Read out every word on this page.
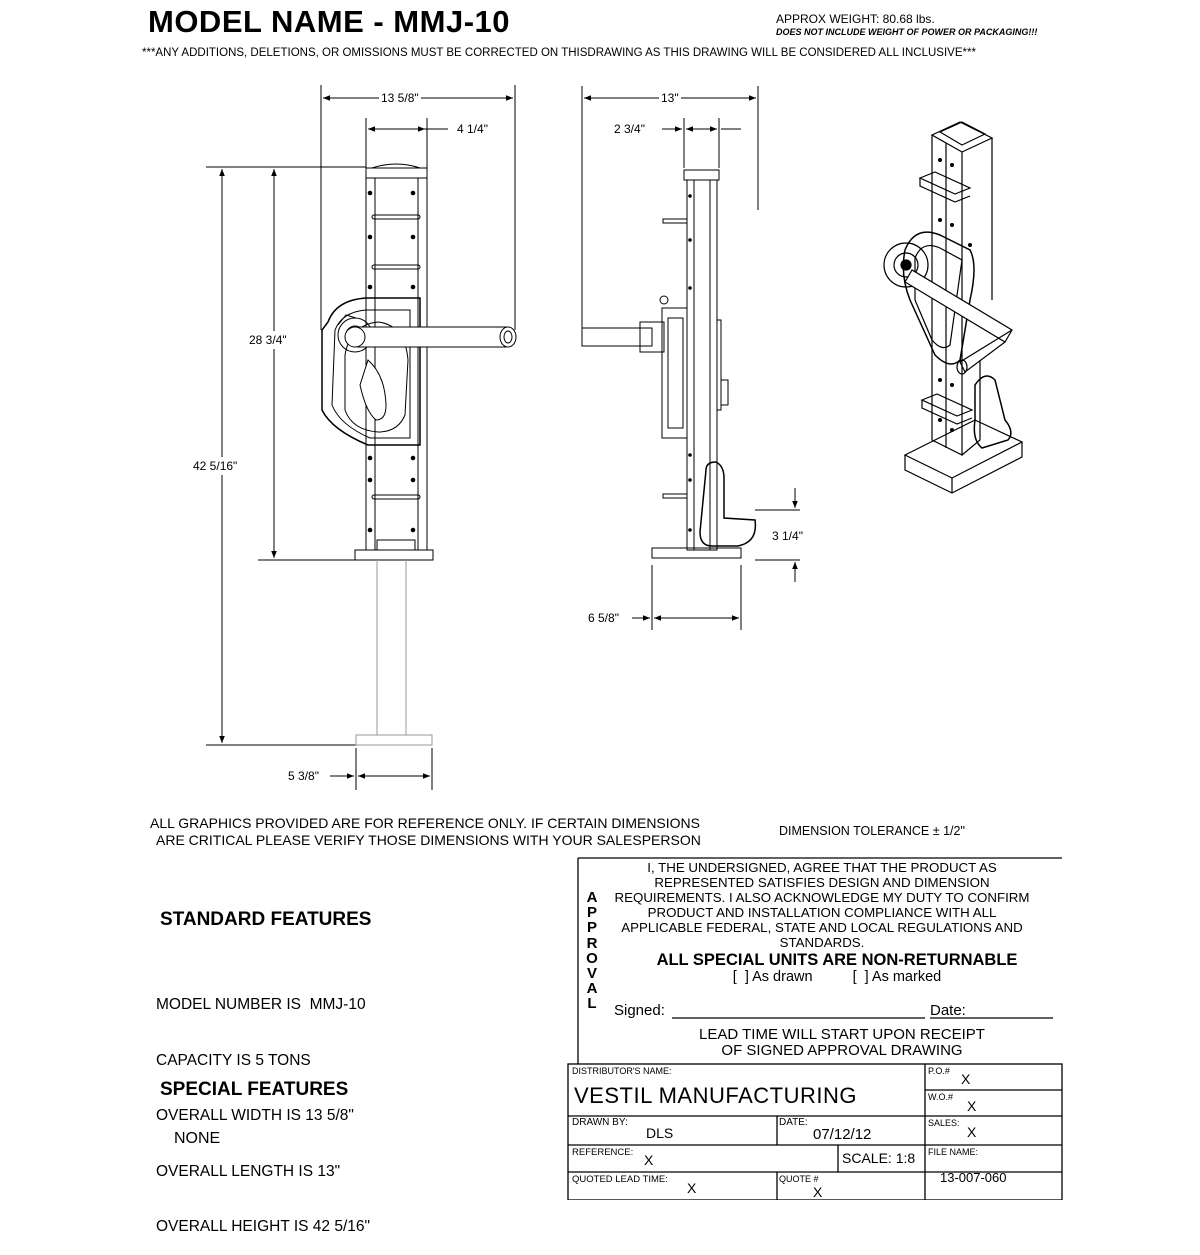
MODEL NAME - MMJ-10	APPROX WEIGHT: 80.68 lbs.
DOES NOT INCLUDE WEIGHT OF POWER OR PACKAGING!!!
***ANY ADDITIONS, DELETIONS, OR OMISSIONS MUST BE CORRECTED ON THISDRAWING AS THIS DRAWING WILL BE CONSIDERED ALL INCLUSIVE***
13 5/8"
4 1/4"
28 3/4"
42 5/16"
5 3/8"
13"
2 3/4"
3 1/4"
6 5/8"
ALL GRAPHICS PROVIDED ARE FOR REFERENCE ONLY. IF CERTAIN DIMENSIONS
ARE CRITICAL PLEASE VERIFY THOSE DIMENSIONS WITH YOUR SALESPERSON
DIMENSION TOLERANCE ± 1/2"
STANDARD FEATURES

MODEL NUMBER IS  MMJ-10

CAPACITY IS 5 TONS

OVERALL WIDTH IS 13 5/8"

OVERALL LENGTH IS 13"

OVERALL HEIGHT IS 42 5/16"

SPECIAL FEATURES
NONE
A
P
P
R
O
V
A
L
I, THE UNDERSIGNED, AGREE THAT THE PRODUCT AS REPRESENTED SATISFIES DESIGN AND DIMENSION REQUIREMENTS. I ALSO ACKNOWLEDGE MY DUTY TO CONFIRM PRODUCT AND INSTALLATION COMPLIANCE WITH ALL APPLICABLE FEDERAL, STATE AND LOCAL REGULATIONS AND STANDARDS.
ALL SPECIAL UNITS ARE NON-RETURNABLE
[  ] As drawn	[  ] As marked
Signed:	Date:
LEAD TIME WILL START UPON RECEIPT
OF SIGNED APPROVAL DRAWING
DISTRIBUTOR'S NAME:
VESTIL MANUFACTURING
P.O.# X
W.O.#
X
DRAWN BY:
DLS
DATE:
07/12/12
SALES:
X
REFERENCE: X	SCALE: 1:8 FILE NAME:
13-007-060
QUOTED LEAD TIME:
X
QUOTE #
X
